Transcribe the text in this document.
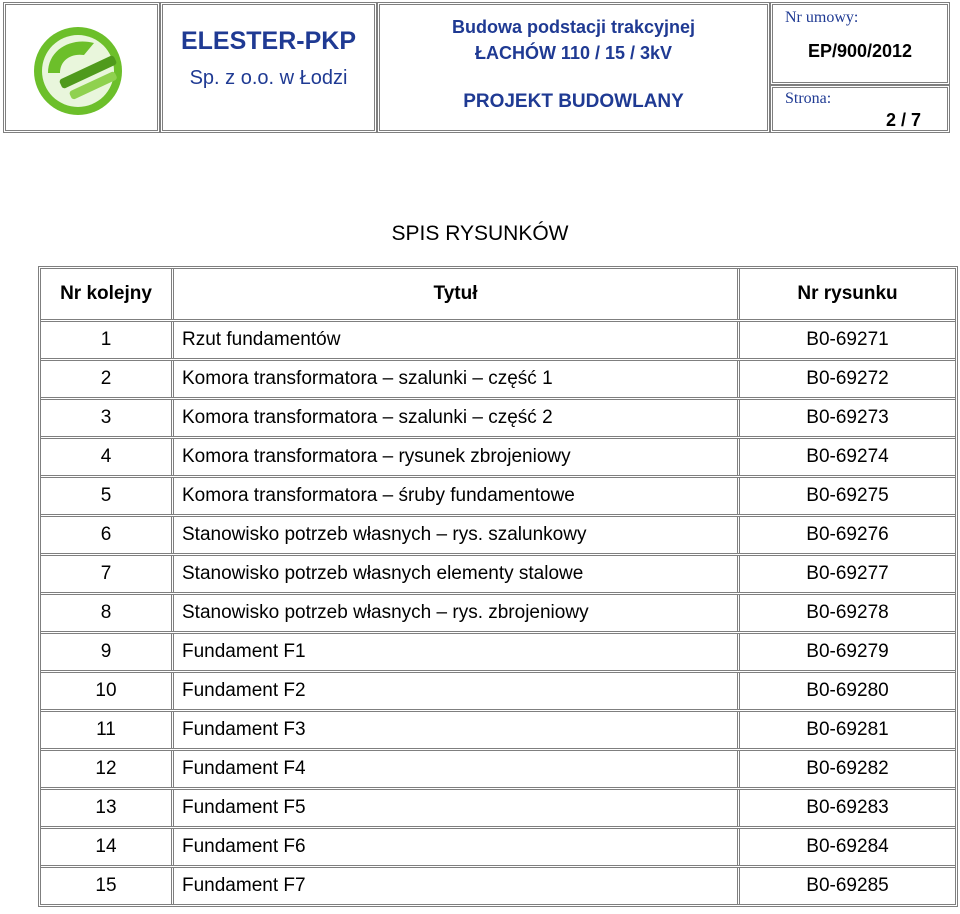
ELESTER-PKP
Sp. z o.o. w Łodzi
Budowa podstacji trakcyjnej
ŁACHÓW 110 / 15 / 3kV
PROJEKT BUDOWLANY
Nr umowy:
EP/900/2012
Strona:
2 / 7
SPIS RYSUNKÓW
Nr kolejny	Tytuł	Nr rysunku
1	Rzut fundamentów	B0-69271
2	Komora transformatora – szalunki – część 1	B0-69272
3	Komora transformatora – szalunki – część 2	B0-69273
4	Komora transformatora – rysunek zbrojeniowy	B0-69274
5	Komora transformatora – śruby fundamentowe	B0-69275
6	Stanowisko potrzeb własnych – rys. szalunkowy	B0-69276
7	Stanowisko potrzeb własnych elementy stalowe	B0-69277
8	Stanowisko potrzeb własnych – rys. zbrojeniowy	B0-69278
9	Fundament F1	B0-69279
10	Fundament F2	B0-69280
11	Fundament F3	B0-69281
12	Fundament F4	B0-69282
13	Fundament F5	B0-69283
14	Fundament F6	B0-69284
15	Fundament F7	B0-69285
